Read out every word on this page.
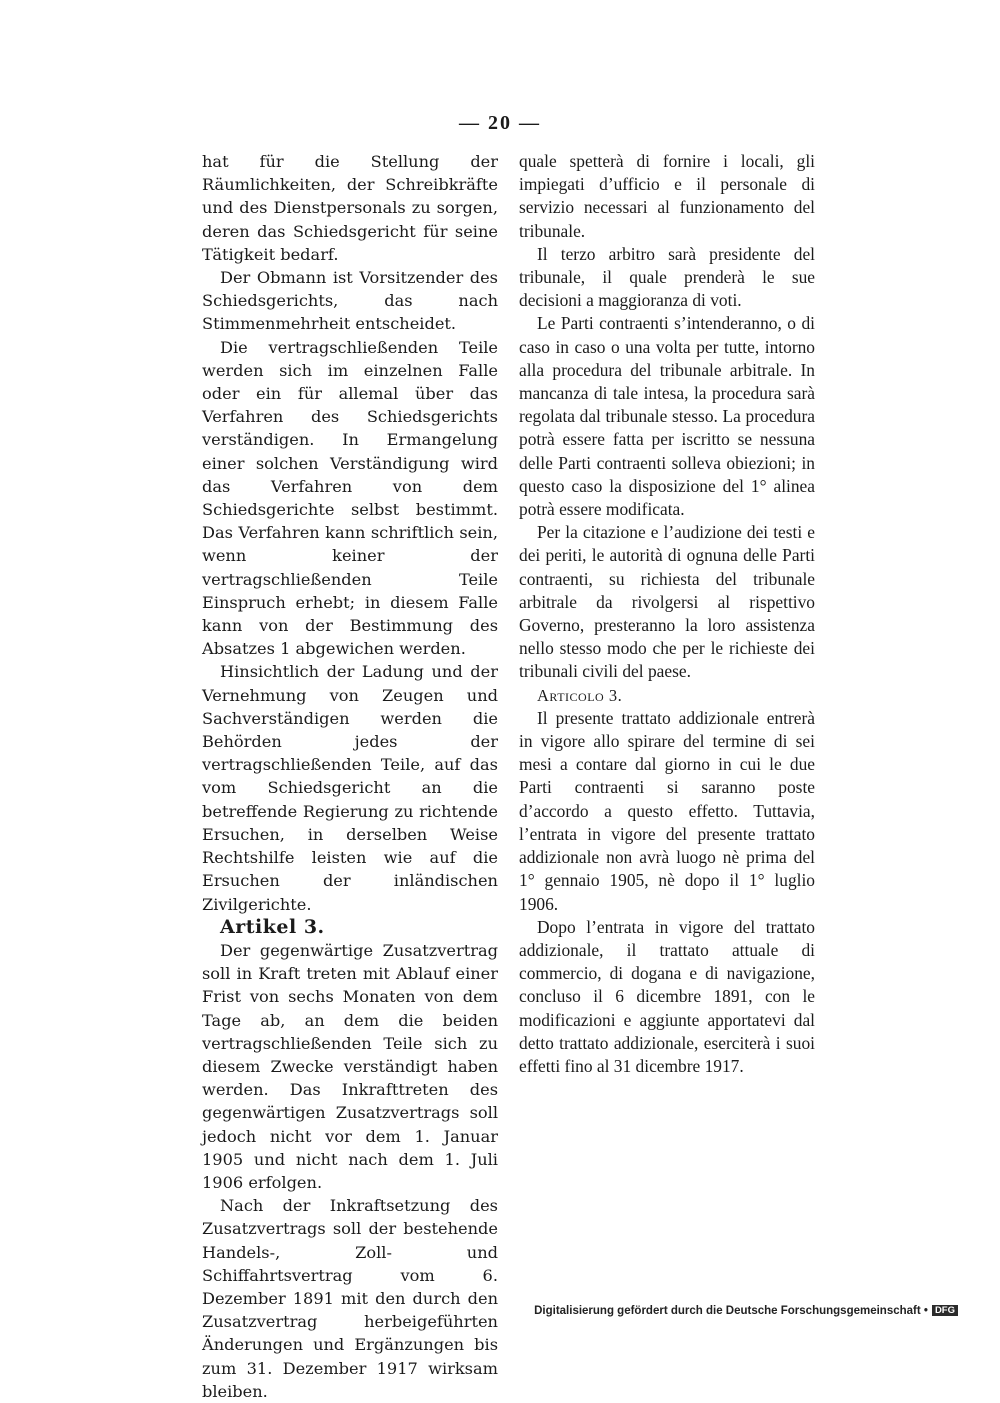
— 20 —

hat für die Stellung der Räumlichkeiten, der Schreibkräfte und des Dienstpersonals zu sorgen, deren das Schiedsgericht für seine Tätigkeit bedarf.

Der Obmann ist Vorsitzender des Schiedsgerichts, das nach Stimmenmehrheit entscheidet.

Die vertragschließenden Teile werden sich im einzelnen Falle oder ein für allemal über das Verfahren des Schiedsgerichts verständigen. In Ermangelung einer solchen Verständigung wird das Verfahren von dem Schiedsgerichte selbst bestimmt. Das Verfahren kann schriftlich sein, wenn keiner der vertragschließenden Teile Einspruch erhebt; in diesem Falle kann von der Bestimmung des Absatzes 1 abgewichen werden.

Hinsichtlich der Ladung und der Vernehmung von Zeugen und Sachverständigen werden die Behörden jedes der vertragschließenden Teile, auf das vom Schiedsgericht an die betreffende Regierung zu richtende Ersuchen, in derselben Weise Rechtshilfe leisten wie auf die Ersuchen der inländischen Zivilgerichte.

Artikel 3.

Der gegenwärtige Zusatzvertrag soll in Kraft treten mit Ablauf einer Frist von sechs Monaten von dem Tage ab, an dem die beiden vertragschließenden Teile sich zu diesem Zwecke verständigt haben werden. Das Inkrafttreten des gegenwärtigen Zusatzvertrags soll jedoch nicht vor dem 1. Januar 1905 und nicht nach dem 1. Juli 1906 erfolgen.

Nach der Inkraftsetzung des Zusatzvertrags soll der bestehende Handels-, Zoll- und Schiffahrtsvertrag vom 6. Dezember 1891 mit den durch den Zusatzvertrag herbeigeführten Änderungen und Ergänzungen bis zum 31. Dezember 1917 wirksam bleiben.

quale spetterà di fornire i locali, gli impiegati d’ufficio e il personale di servizio necessari al funzionamento del tribunale.

Il terzo arbitro sarà presidente del tribunale, il quale prenderà le sue decisioni a maggioranza di voti.

Le Parti contraenti s’intenderanno, o di caso in caso o una volta per tutte, intorno alla procedura del tribunale arbitrale. In mancanza di tale intesa, la procedura sarà regolata dal tribunale stesso. La procedura potrà essere fatta per iscritto se nessuna delle Parti contraenti solleva obiezioni; in questo caso la disposizione del 1° alinea potrà essere modificata.

Per la citazione e l’audizione dei testi e dei periti, le autorità di ognuna delle Parti contraenti, su richiesta del tribunale arbitrale da rivolgersi al rispettivo Governo, presteranno la loro assistenza nello stesso modo che per le richieste dei tribunali civili del paese.

Articolo 3.

Il presente trattato addizionale entrerà in vigore allo spirare del termine di sei mesi a contare dal giorno in cui le due Parti contraenti si saranno poste d’accordo a questo effetto. Tuttavia, l’entrata in vigore del presente trattato addizionale non avrà luogo nè prima del 1° gennaio 1905, nè dopo il 1° luglio 1906.

Dopo l’entrata in vigore del trattato addizionale, il trattato attuale di commercio, di dogana e di navigazione, concluso il 6 dicembre 1891, con le modificazioni e aggiunte apportatevi dal detto trattato addizionale, eserciterà i suoi effetti fino al 31 dicembre 1917.

Digitalisierung gefördert durch die Deutsche Forschungsgemeinschaft • DFG
